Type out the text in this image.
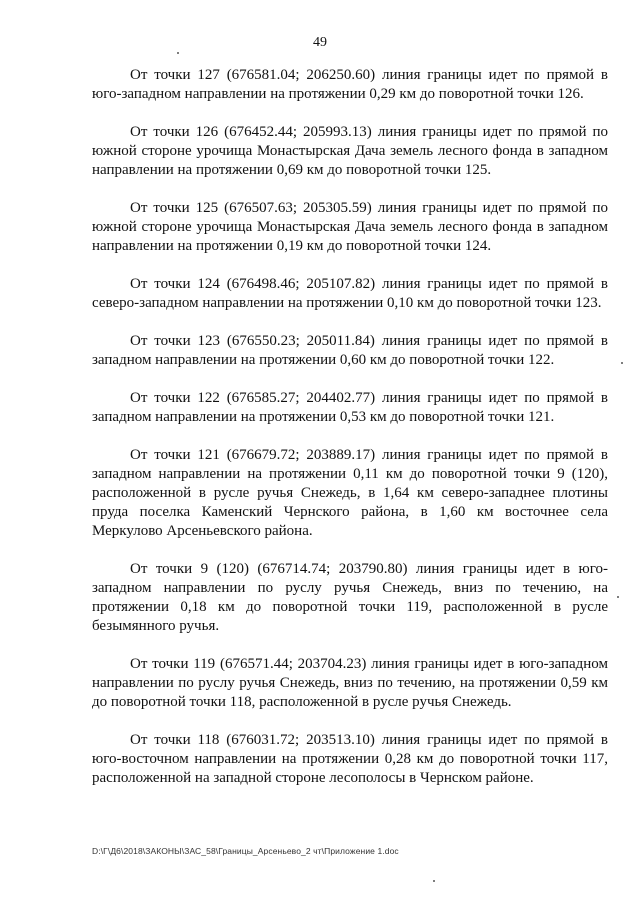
49

От точки 127 (676581.04; 206250.60) линия границы идет по прямой в юго-западном направлении на протяжении 0,29 км до поворотной точки 126.

От точки 126 (676452.44; 205993.13) линия границы идет по прямой по южной стороне урочища Монастырская Дача земель лесного фонда в западном направлении на протяжении 0,69 км до поворотной точки 125.

От точки 125 (676507.63; 205305.59) линия границы идет по прямой по южной стороне урочища Монастырская Дача земель лесного фонда в западном направлении на протяжении 0,19 км до поворотной точки 124.

От точки 124 (676498.46; 205107.82) линия границы идет по прямой в северо-западном направлении на протяжении 0,10 км до поворотной точки 123.

От точки 123 (676550.23; 205011.84) линия границы идет по прямой в западном направлении на протяжении 0,60 км до поворотной точки 122.

От точки 122 (676585.27; 204402.77) линия границы идет по прямой в западном направлении на протяжении 0,53 км до поворотной точки 121.

От точки 121 (676679.72; 203889.17) линия границы идет по прямой в западном направлении на протяжении 0,11 км до поворотной точки 9 (120), расположенной в русле ручья Снежедь, в 1,64 км северо-западнее плотины пруда поселка Каменский Чернского района, в 1,60 км восточнее села Меркулово Арсеньевского района.

От точки 9 (120) (676714.74; 203790.80) линия границы идет в юго-западном направлении по руслу ручья Снежедь, вниз по течению, на протяжении 0,18 км до поворотной точки 119, расположенной в русле безымянного ручья.

От точки 119 (676571.44; 203704.23) линия границы идет в юго-западном направлении по руслу ручья Снежедь, вниз по течению, на протяжении 0,59 км до поворотной точки 118, расположенной в русле ручья Снежедь.

От точки 118 (676031.72; 203513.10) линия границы идет по прямой в юго-восточном направлении на протяжении 0,28 км до поворотной точки 117, расположенной на западной стороне лесополосы в Чернском районе.

D:\Г\Д6\2018\ЗАКОНЫ\ЗАС_58\Границы_Арсеньево_2 чт\Приложение 1.doc
